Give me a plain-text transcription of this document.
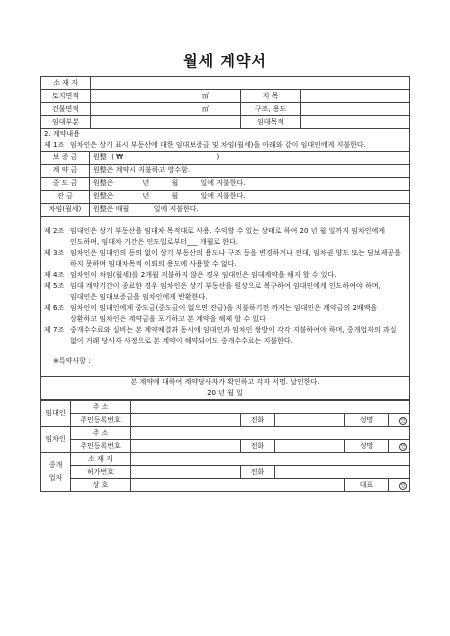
월세 계약서
소 재 지			
토지면적	㎡	지 목	
건물면적	㎡	구조, 용도	
임대부분		임대목적	
2. 계약내용
제 1조 임차인은 상기 표시 부동산에 대한 임대보증금 및 차임(월세)을 아래와 같이 임대인에게 지불한다.
보 증 금	원整  ( ₩                                          )
계 약 금	원整은 계약시 지불하고 영수함.
중 도 금	원整은             년          월          일에 지불한다.
잔 금	원整은             년          월          일에 지불한다.
차임(월세)	원整은 매월           일에 지불한다.
제 2조 임대인은 상기 부동산을 임대차 목적대로 사용. 수익할 수 있는 상태로 하여 20 년 월 일까지 임차인에게 인도하며, 임대차 기간은 인도일로부터___ 개월로 한다.
제 3조 임차인은 임대인의 동의 없이 상기 부동산의 용도나 구조 등을 변경하거나 전대, 임차권 양도 또는 담보제공을 하지 못하며 임대차목적 이외의 용도에 사용할 수 없다.
제 4조 임차인이 차임(월세)를 2개월 지불하지 않은 경우 임대인은 임대계약을 해지 할 수 있다.
제 5조 임대 계약기간이 종료한 경우 임차인은 상기 부동산을 원상으로 복구하여 임대인에게 인도하여야 하며, 임대인은 임대보증금을 임차인에게 반환한다.
제 6조 임차인이 임대인에게 중도금(중도금이 없으면 잔금)을 지불하기전 까지는 임대인은 계약금의 2배액을 상환하고 임차인은 계약금을 포기하고 본 계약을 해제 할 수 있다
제 7조 중개수수료와 실비는 본 계약체결과 동시에 임대인과 임차인 쌍방이 각각 지불하여야 하며, 중개업자의 과실 없이 거래 당사자 사정으로 본 계약이 해약되어도 중개수수료는 지불한다.
※특약사항 :
본 계약에 대하여 계약당사자가 확인하고 각자 서명. 날인한다.
20 년 월 일
임대인	주 소					
	주민등록번호		전화		성명	인
임차인	주 소					
	주민등록번호		전화		성명	인
중개
업자	소 재 지					
	허가번호		전화			
	상 호				대표	인
